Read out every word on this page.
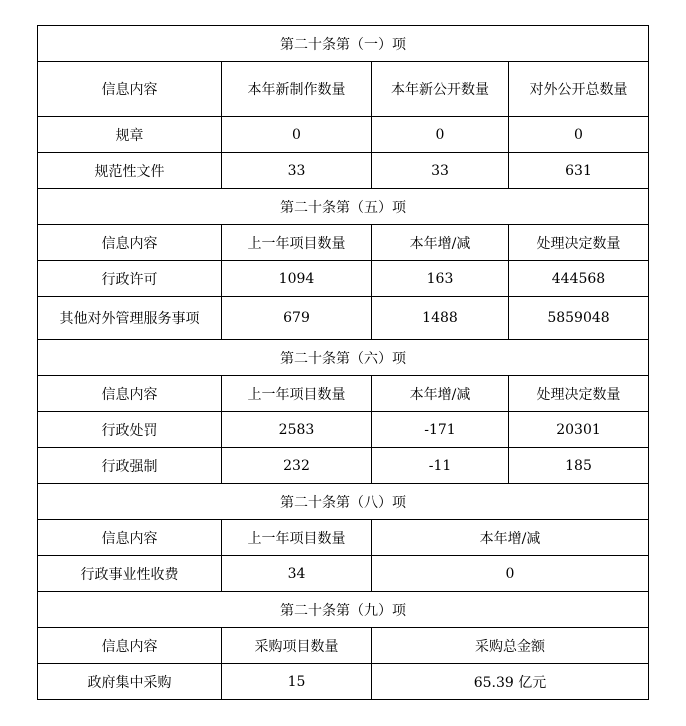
第二十条第（一）项			
信息内容	本年新制作数量	本年新公开数量	对外公开总数量
规章	0	0	0
规范性文件	33	33	631
第二十条第（五）项			
信息内容	上一年项目数量	本年增/减	处理决定数量
行政许可	1094	163	444568
其他对外管理服务事项	679	1488	5859048
第二十条第（六）项			
信息内容	上一年项目数量	本年增/减	处理决定数量
行政处罚	2583	-171	20301
行政强制	232	-11	185
第二十条第（八）项			
信息内容	上一年项目数量	本年增/减	
行政事业性收费	34	0	
第二十条第（九）项			
信息内容	采购项目数量	采购总金额	
政府集中采购	15	65.39 亿元	
